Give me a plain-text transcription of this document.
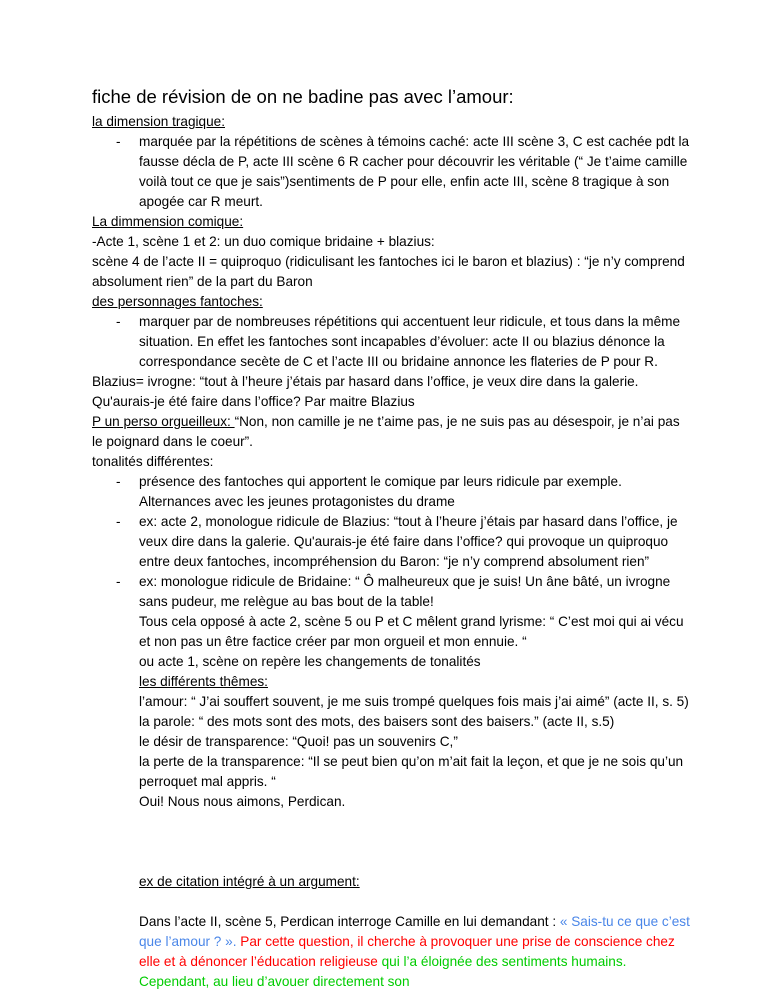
fiche de révision de on ne badine pas avec l’amour:

la dimension tragique:

- marquée par la répétitions de scènes à témoins caché: acte III scène 3, C est cachée pdt la fausse décla de P, acte III scène 6 R cacher pour découvrir les véritable (“ Je t’aime camille voilà tout ce que je sais”)sentiments de P pour elle, enfin acte III, scène 8 tragique à son apogée car R meurt.

La dimmension comique:

-Acte 1, scène 1 et 2: un duo comique bridaine + blazius:

scène 4 de l’acte II = quiproquo (ridiculisant les fantoches ici le baron et blazius) : “je n’y comprend absolument rien” de la part du Baron

des personnages fantoches:

- marquer par de nombreuses répétitions qui accentuent leur ridicule, et tous dans la même situation. En effet les fantoches sont incapables d’évoluer: acte II ou blazius dénonce la correspondance secète de C et l’acte III ou bridaine annonce les flateries de P pour R.

Blazius= ivrogne: “tout à l’heure j’étais par hasard dans l’office, je veux dire dans la galerie. Qu'aurais-je été faire dans l’office? Par maitre Blazius

P un perso orgueilleux: “Non, non camille je ne t’aime pas, je ne suis pas au désespoir, je n’ai pas le poignard dans le coeur”.

tonalités différentes:

- présence des fantoches qui apportent le comique par leurs ridicule par exemple. Alternances avec les jeunes protagonistes du drame

- ex: acte 2, monologue ridicule de Blazius: “tout à l’heure j’étais par hasard dans l’office, je veux dire dans la galerie. Qu'aurais-je été faire dans l’office? qui provoque un quiproquo entre deux fantoches, incompréhension du Baron: “je n’y comprend absolument rien”

- ex: monologue ridicule de Bridaine: “ Ô malheureux que je suis! Un âne bâté, un ivrogne sans pudeur, me relègue au bas bout de la table!

Tous cela opposé à acte 2, scène 5 ou P et C mêlent grand lyrisme: “ C’est moi qui ai vécu et non pas un être factice créer par mon orgueil et mon ennuie. “

ou acte 1, scène on repère les changements de tonalités

les différents thêmes:

l’amour: “ J’ai souffert souvent, je me suis trompé quelques fois mais j’ai aimé” (acte II, s. 5)

la parole: “ des mots sont des mots, des baisers sont des baisers.” (acte II, s.5)

le désir de transparence: “Quoi! pas un souvenirs C,”

la perte de la transparence: “Il se peut bien qu’on m’ait fait la leçon, et que je ne sois qu’un perroquet mal appris. “

Oui! Nous nous aimons, Perdican.

ex de citation intégré à un argument:

Dans l’acte II, scène 5, Perdican interroge Camille en lui demandant : « Sais-tu ce que c’est que l’amour ? ». Par cette question, il cherche à provoquer une prise de conscience chez elle et à dénoncer l’éducation religieuse qui l’a éloignée des sentiments humains. Cependant, au lieu d’avouer directement son
